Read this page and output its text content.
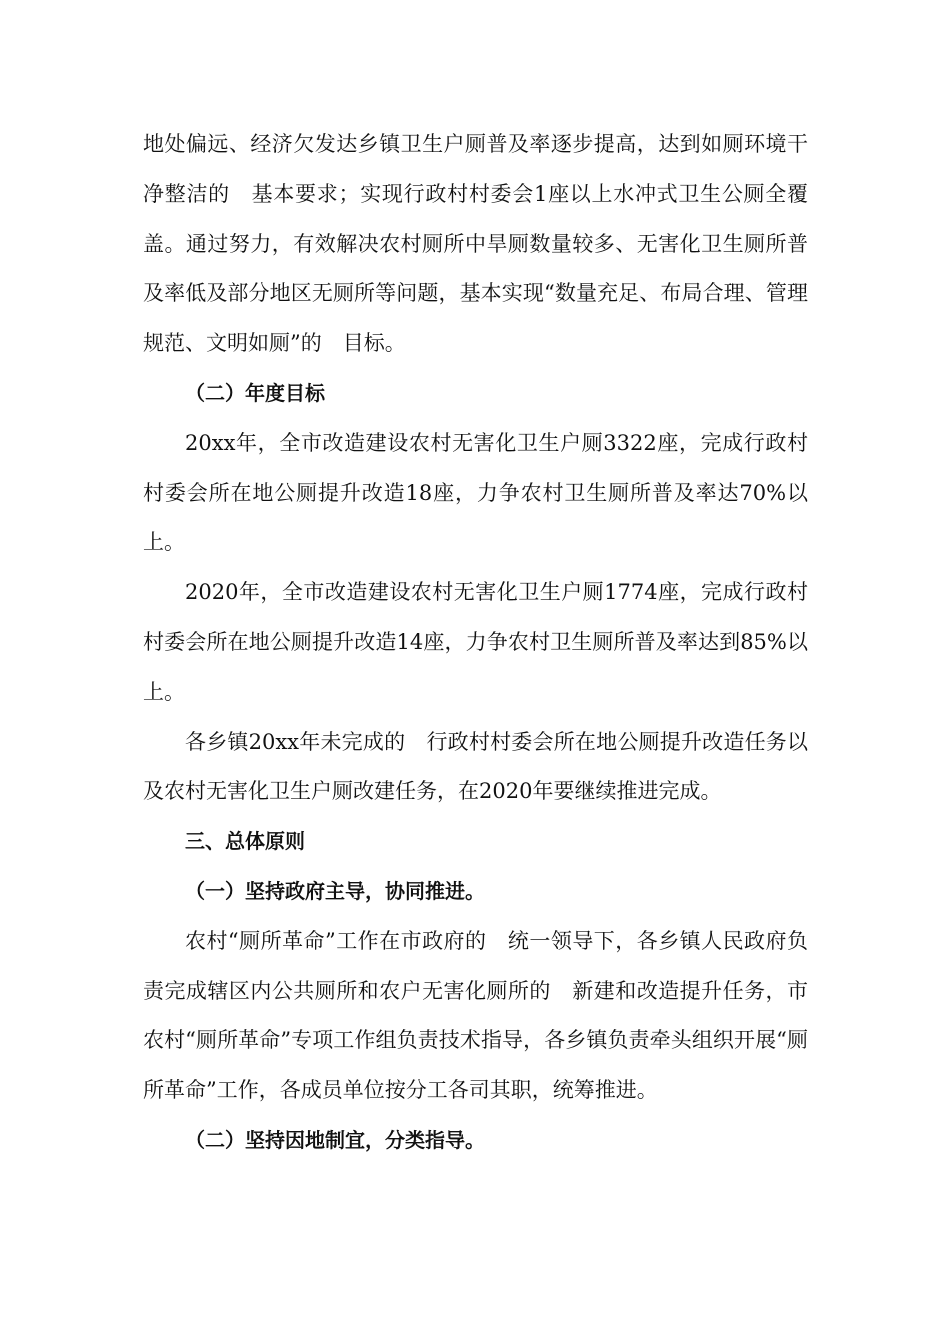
地处偏远、经济欠发达乡镇卫生户厕普及率逐步提高，达到如厕环境干净整洁的　基本要求；实现行政村村委会1座以上水冲式卫生公厕全覆盖。通过努力，有效解决农村厕所中旱厕数量较多、无害化卫生厕所普及率低及部分地区无厕所等问题，基本实现“数量充足、布局合理、管理规范、文明如厕”的　目标。

（二）年度目标

20xx年，全市改造建设农村无害化卫生户厕3322座，完成行政村村委会所在地公厕提升改造18座，力争农村卫生厕所普及率达70%以上。

2020年，全市改造建设农村无害化卫生户厕1774座，完成行政村村委会所在地公厕提升改造14座，力争农村卫生厕所普及率达到85%以上。

各乡镇20xx年未完成的　行政村村委会所在地公厕提升改造任务以及农村无害化卫生户厕改建任务，在2020年要继续推进完成。

三、总体原则

（一）坚持政府主导，协同推进。

农村“厕所革命”工作在市政府的　统一领导下，各乡镇人民政府负责完成辖区内公共厕所和农户无害化厕所的　新建和改造提升任务，市农村“厕所革命”专项工作组负责技术指导，各乡镇负责牵头组织开展“厕所革命”工作，各成员单位按分工各司其职，统筹推进。

（二）坚持因地制宜，分类指导。
